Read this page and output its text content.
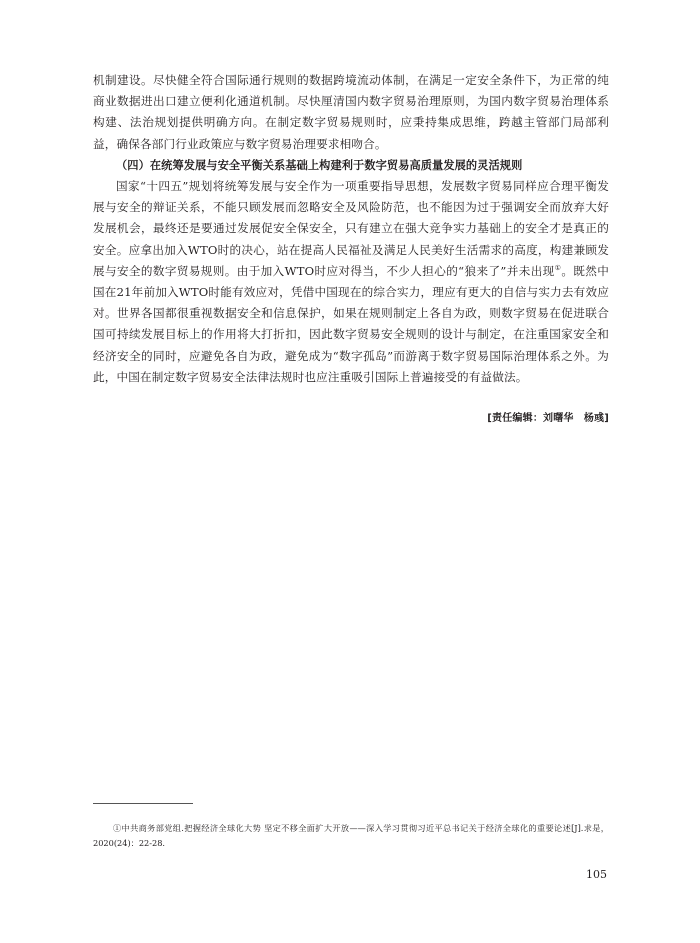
机制建设。尽快健全符合国际通行规则的数据跨境流动体制，在满足一定安全条件下，为正常的纯商业数据进出口建立便利化通道机制。尽快厘清国内数字贸易治理原则，为国内数字贸易治理体系构建、法治规划提供明确方向。在制定数字贸易规则时，应秉持集成思维，跨越主管部门局部利益，确保各部门行业政策应与数字贸易治理要求相吻合。

（四）在统筹发展与安全平衡关系基础上构建利于数字贸易高质量发展的灵活规则

国家“十四五”规划将统筹发展与安全作为一项重要指导思想，发展数字贸易同样应合理平衡发展与安全的辩证关系，不能只顾发展而忽略安全及风险防范，也不能因为过于强调安全而放弃大好发展机会，最终还是要通过发展促安全保安全，只有建立在强大竞争实力基础上的安全才是真正的安全。应拿出加入WTO时的决心，站在提高人民福祉及满足人民美好生活需求的高度，构建兼顾发展与安全的数字贸易规则。由于加入WTO时应对得当，不少人担心的“狼来了”并未出现①。既然中国在21年前加入WTO时能有效应对，凭借中国现在的综合实力，理应有更大的自信与实力去有效应对。世界各国都很重视数据安全和信息保护，如果在规则制定上各自为政，则数字贸易在促进联合国可持续发展目标上的作用将大打折扣，因此数字贸易安全规则的设计与制定，在注重国家安全和经济安全的同时，应避免各自为政，避免成为“数字孤岛”而游离于数字贸易国际治理体系之外。为此，中国在制定数字贸易安全法律法规时也应注重吸引国际上普遍接受的有益做法。

[责任编辑：刘曙华　杨彧]

①中共商务部党组.把握经济全球化大势 坚定不移全面扩大开放——深入学习贯彻习近平总书记关于经济全球化的重要论述[J].求是，2020(24)：22-28.

105
